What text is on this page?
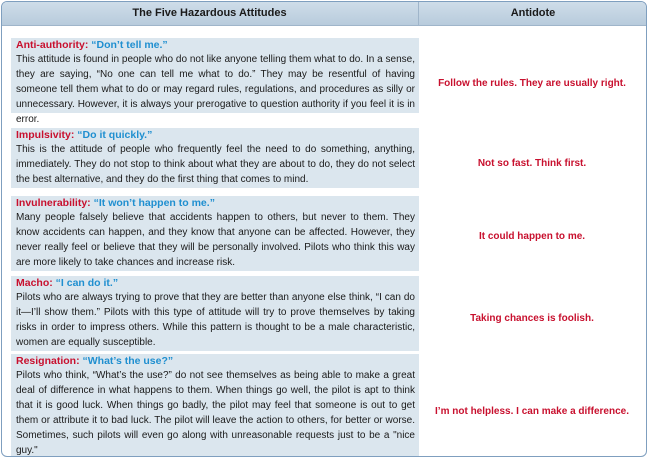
The Five Hazardous Attitudes	Antidote
Anti-authority: “Don’t tell me.”
This attitude is found in people who do not like anyone telling them what to do. In a sense, they are saying, “No one can tell me what to do.” They may be resentful of having someone tell them what to do or may regard rules, regulations, and procedures as silly or unnecessary. However, it is always your prerogative to question authority if you feel it is in error.
Follow the rules. They are usually right.
Impulsivity: “Do it quickly.”
This is the attitude of people who frequently feel the need to do something, anything, immediately. They do not stop to think about what they are about to do, they do not select the best alternative, and they do the first thing that comes to mind.
Not so fast. Think first.
Invulnerability: “It won’t happen to me.”
Many people falsely believe that accidents happen to others, but never to them. They know accidents can happen, and they know that anyone can be affected. However, they never really feel or believe that they will be personally involved. Pilots who think this way are more likely to take chances and increase risk.
It could happen to me.
Macho: “I can do it.”
Pilots who are always trying to prove that they are better than anyone else think, “I can do it—I’ll show them.” Pilots with this type of attitude will try to prove themselves by taking risks in order to impress others. While this pattern is thought to be a male characteristic, women are equally susceptible.
Taking chances is foolish.
Resignation: “What’s the use?”
Pilots who think, “What’s the use?” do not see themselves as being able to make a great deal of difference in what happens to them. When things go well, the pilot is apt to think that it is good luck. When things go badly, the pilot may feel that someone is out to get them or attribute it to bad luck. The pilot will leave the action to others, for better or worse. Sometimes, such pilots will even go along with unreasonable requests just to be a "nice guy."
I’m not helpless. I can make a difference.
